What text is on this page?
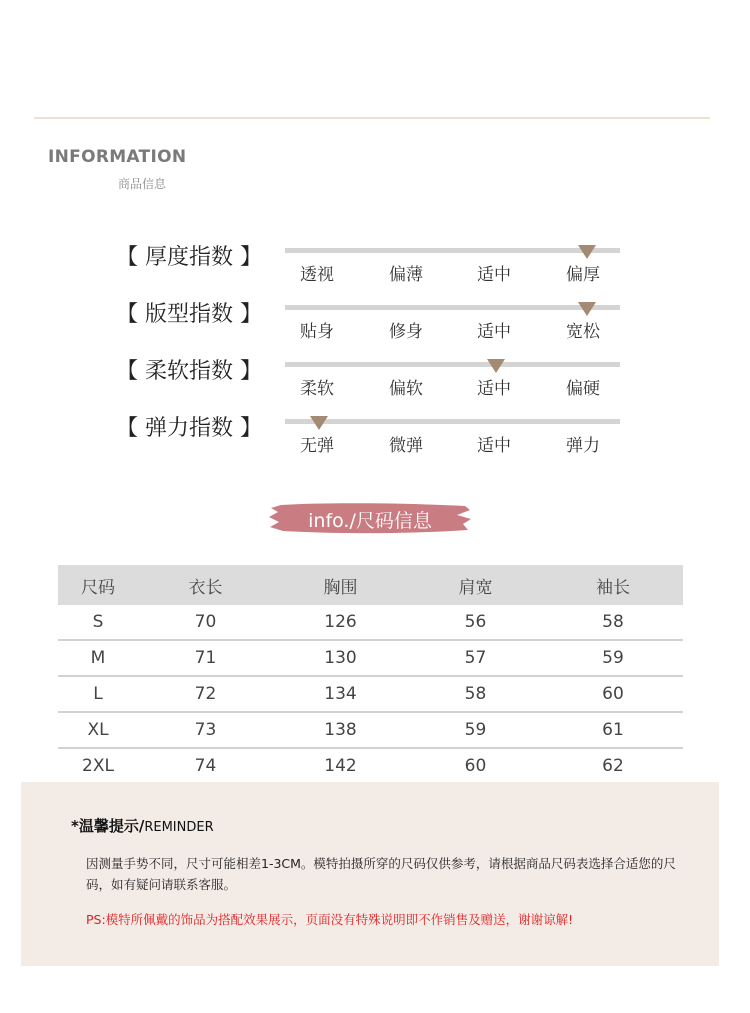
INFORMATION
商品信息
【 厚度指数 】
透视	偏薄	适中	偏厚
【 版型指数 】
贴身	修身	适中	宽松
【 柔软指数 】
柔软	偏软	适中	偏硬
【 弹力指数 】
无弹	微弹	适中	弹力
info./尺码信息
尺码	衣长	胸围	肩宽	袖长
S	70	126	56	58
M	71	130	57	59
L	72	134	58	60
XL	73	138	59	61
2XL	74	142	60	62
*温馨提示/REMINDER
因测量手势不同，尺寸可能相差1-3CM。模特拍摄所穿的尺码仅供参考，请根据商品尺码表选择合适您的尺码，如有疑问请联系客服。
PS:模特所佩戴的饰品为搭配效果展示，页面没有特殊说明即不作销售及赠送，谢谢谅解!
